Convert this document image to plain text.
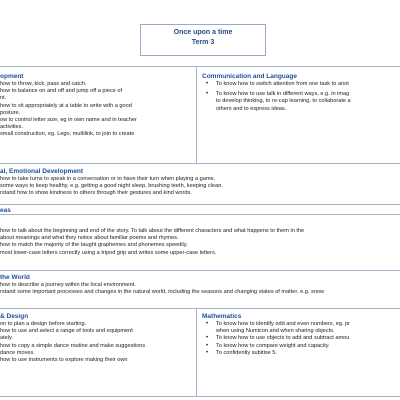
Once upon a time
Term 3
opment
how to throw, kick, pass and catch.
how to balance on and off and jump off a piece of
nt.
how to sit appropriately at a table to write with a good
posture.
ow to control letter size, eg in own name and in teacher
activities.
small construction, eg. Lego, multilink, to join to create
Communication and Language
• To know how to switch attention from one task to anot
• To know how to use talk in different ways, e.g. in imag
to develop thinking, to re-cap learning, to collaborate a
others and to express ideas.
al, Emotional Development
how to take turns to speak in a conversation or to have their turn when playing a game.
some ways to keep healthy, e.g. getting a good night sleep, brushing teeth, keeping clean.
rstand how to show kindness to others through their gestures and kind words.
eas
how to talk about the beginning and end of the story. To talk about the different characters and what happens to them in the
about meanings and what they notice about familiar poems and rhymes.
how to match the majority of the taught graphemes and phonemes speedily.
most lower-case letters correctly using a tripod grip and writes some upper-case letters.
the World
how to describe a journey within the local environment.
rstand some important processes and changes in the natural world, including the seasons and changing states of matter, e.g. snow
& Design
on to plan a design before starting.
how to use and select a range of tools and equipment
ately.
how to copy a simple dance routine and make suggestions
dance moves.
how to use instruments to explore making their own
Mathematics
• To know how to identify odd and even numbers, eg. pr
when using Numicon and when sharing objects.
• To know how to use objects to add and subtract amou
• To know how to compare weight and capacity.
• To confidently subitise 5.
